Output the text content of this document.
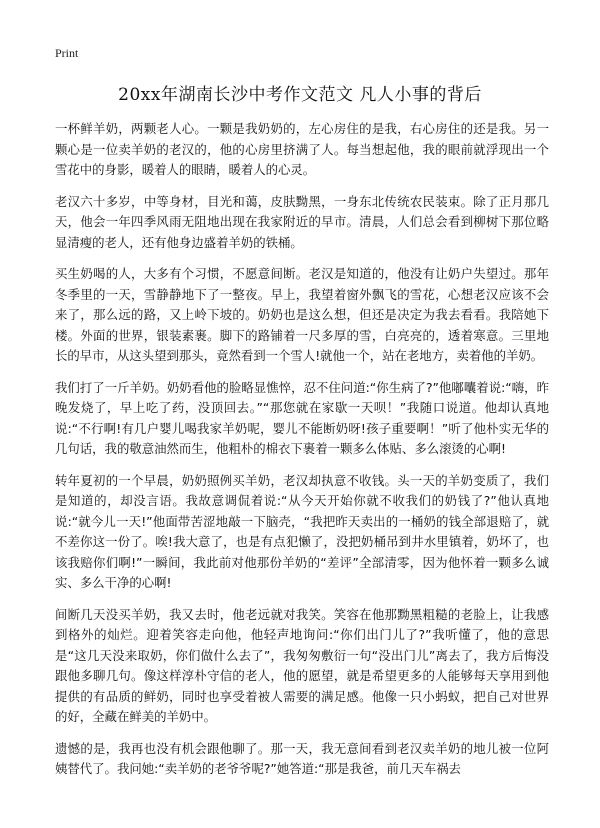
Print
20xx年湖南长沙中考作文范文 凡人小事的背后

一杯鲜羊奶，两颗老人心。一颗是我奶奶的，左心房住的是我，右心房住的还是我。另一颗心是一位卖羊奶的老汉的，他的心房里挤满了人。每当想起他，我的眼前就浮现出一个雪花中的身影，暖着人的眼睛，暖着人的心灵。

老汉六十多岁，中等身材，目光和蔼，皮肤黝黑，一身东北传统农民装束。除了正月那几天，他会一年四季风雨无阻地出现在我家附近的早市。清晨，人们总会看到柳树下那位略显清瘦的老人，还有他身边盛着羊奶的铁桶。

买生奶喝的人，大多有个习惯，不愿意间断。老汉是知道的，他没有让奶户失望过。那年冬季里的一天，雪静静地下了一整夜。早上，我望着窗外飘飞的雪花，心想老汉应该不会来了，那么远的路，又上岭下坡的。奶奶也是这么想，但还是决定为我去看看。我陪她下楼。外面的世界，银装素裹。脚下的路铺着一尺多厚的雪，白亮亮的，透着寒意。三里地长的早市，从这头望到那头，竟然看到一个雪人!就他一个，站在老地方，卖着他的羊奶。

我们打了一斤羊奶。奶奶看他的脸略显憔悴，忍不住问道:“你生病了?”他嘟囔着说:“嗨，昨晚发烧了，早上吃了药，没顶回去。”“那您就在家歇一天呗！”我随口说道。他却认真地说:“不行啊!有几户婴儿喝我家羊奶呢，婴儿不能断奶呀!孩子重要啊！”听了他朴实无华的几句话，我的敬意油然而生，他粗朴的棉衣下裹着一颗多么体贴、多么滚烫的心啊!

转年夏初的一个早晨，奶奶照例买羊奶，老汉却执意不收钱。头一天的羊奶变质了，我们是知道的，却没言语。我故意调侃着说:“从今天开始你就不收我们的奶钱了?”他认真地说:“就今儿一天!”他面带苦涩地敲一下脑壳，“我把昨天卖出的一桶奶的钱全部退赔了，就不差你这一份了。唉!我大意了，也是有点犯懒了，没把奶桶吊到井水里镇着，奶坏了，也该我赔你们啊!”一瞬间，我此前对他那份羊奶的“差评”全部清零，因为他怀着一颗多么诚实、多么干净的心啊!

间断几天没买羊奶，我又去时，他老远就对我笑。笑容在他那黝黑粗糙的老脸上，让我感到格外的灿烂。迎着笑容走向他，他轻声地询问:“你们出门儿了?”我听懂了，他的意思是“这几天没来取奶，你们做什么去了”，我匆匆敷衍一句“没出门儿”离去了，我方后悔没跟他多聊几句。像这样淳朴守信的老人，他的愿望，就是希望更多的人能够每天享用到他提供的有品质的鲜奶，同时也享受着被人需要的满足感。他像一只小蚂蚁，把自己对世界的好，全藏在鲜美的羊奶中。

遗憾的是，我再也没有机会跟他聊了。那一天，我无意间看到老汉卖羊奶的地儿被一位阿姨替代了。我问她:“卖羊奶的老爷爷呢?”她答道:“那是我爸，前几天车祸去
